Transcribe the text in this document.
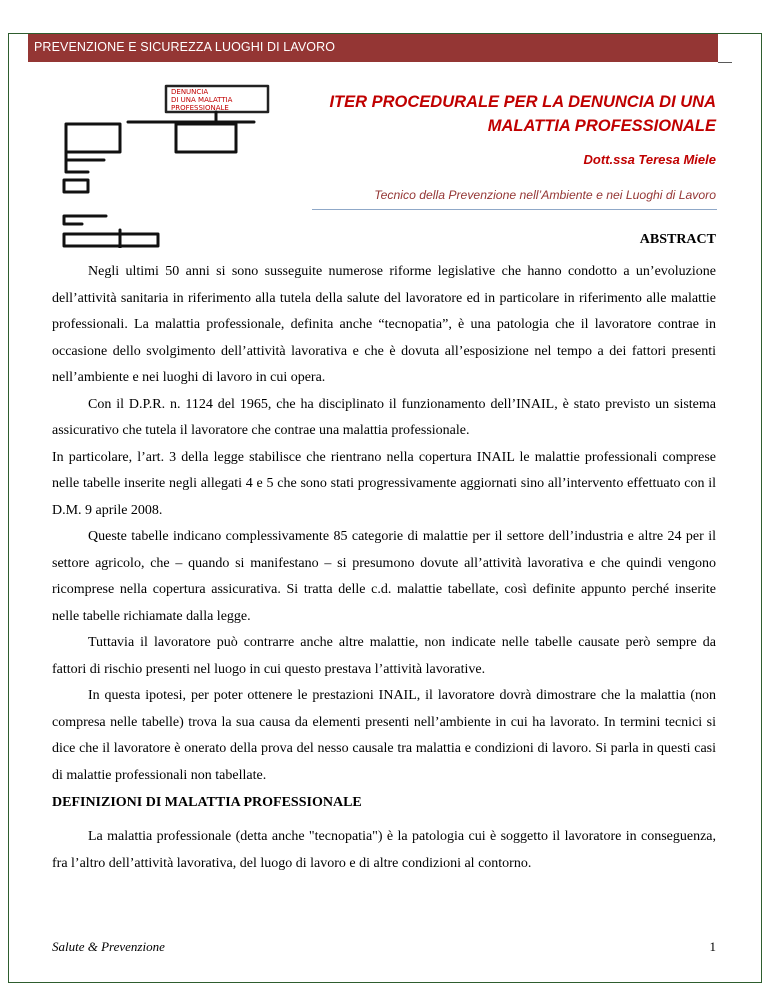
PREVENZIONE E SICUREZZA LUOGHI DI LAVORO
DENUNCIA
DI UNA MALATTIA
PROFESSIONALE	ITER PROCEDURALE PER LA DENUNCIA DI UNA
MALATTIA PROFESSIONALE
Dott.ssa Teresa Miele
Tecnico della Prevenzione nell’Ambiente e nei Luoghi di Lavoro
ABSTRACT

Negli ultimi 50 anni si sono susseguite numerose riforme legislative che hanno condotto a un’evoluzione dell’attività sanitaria in riferimento alla tutela della salute del lavoratore ed in particolare in riferimento alle malattie professionali. La malattia professionale, definita anche “tecnopatia”, è una patologia che il lavoratore contrae in occasione dello svolgimento dell’attività lavorativa e che è dovuta all’esposizione nel tempo a dei fattori presenti nell’ambiente e nei luoghi di lavoro in cui opera.

Con il D.P.R. n. 1124 del 1965, che ha disciplinato il funzionamento dell’INAIL, è stato previsto un sistema assicurativo che tutela il lavoratore che contrae una malattia professionale.

In particolare, l’art. 3 della legge stabilisce che rientrano nella copertura INAIL le malattie professionali comprese nelle tabelle inserite negli allegati 4 e 5 che sono stati progressivamente aggiornati sino all’intervento effettuato con il D.M. 9 aprile 2008.

Queste tabelle indicano complessivamente 85 categorie di malattie per il settore dell’industria e altre 24 per il settore agricolo, che – quando si manifestano – si presumono dovute all’attività lavorativa e che quindi vengono ricomprese nella copertura assicurativa. Si tratta delle c.d. malattie tabellate, così definite appunto perché inserite nelle tabelle richiamate dalla legge.

Tuttavia il lavoratore può contrarre anche altre malattie, non indicate nelle tabelle causate però sempre da fattori di rischio presenti nel luogo in cui questo prestava l’attività lavorative.

In questa ipotesi, per poter ottenere le prestazioni INAIL, il lavoratore dovrà dimostrare che la malattia (non compresa nelle tabelle) trova la sua causa da elementi presenti nell’ambiente in cui ha lavorato. In termini tecnici si dice che il lavoratore è onerato della prova del nesso causale tra malattia e condizioni di lavoro. Si parla in questi casi di malattie professionali non tabellate.

DEFINIZIONI DI MALATTIA PROFESSIONALE

La malattia professionale (detta anche "tecnopatia") è la patologia cui è soggetto il lavoratore in conseguenza, fra l’altro dell’attività lavorativa, del luogo di lavoro e di altre condizioni al contorno.

Salute & Prevenzione	1
